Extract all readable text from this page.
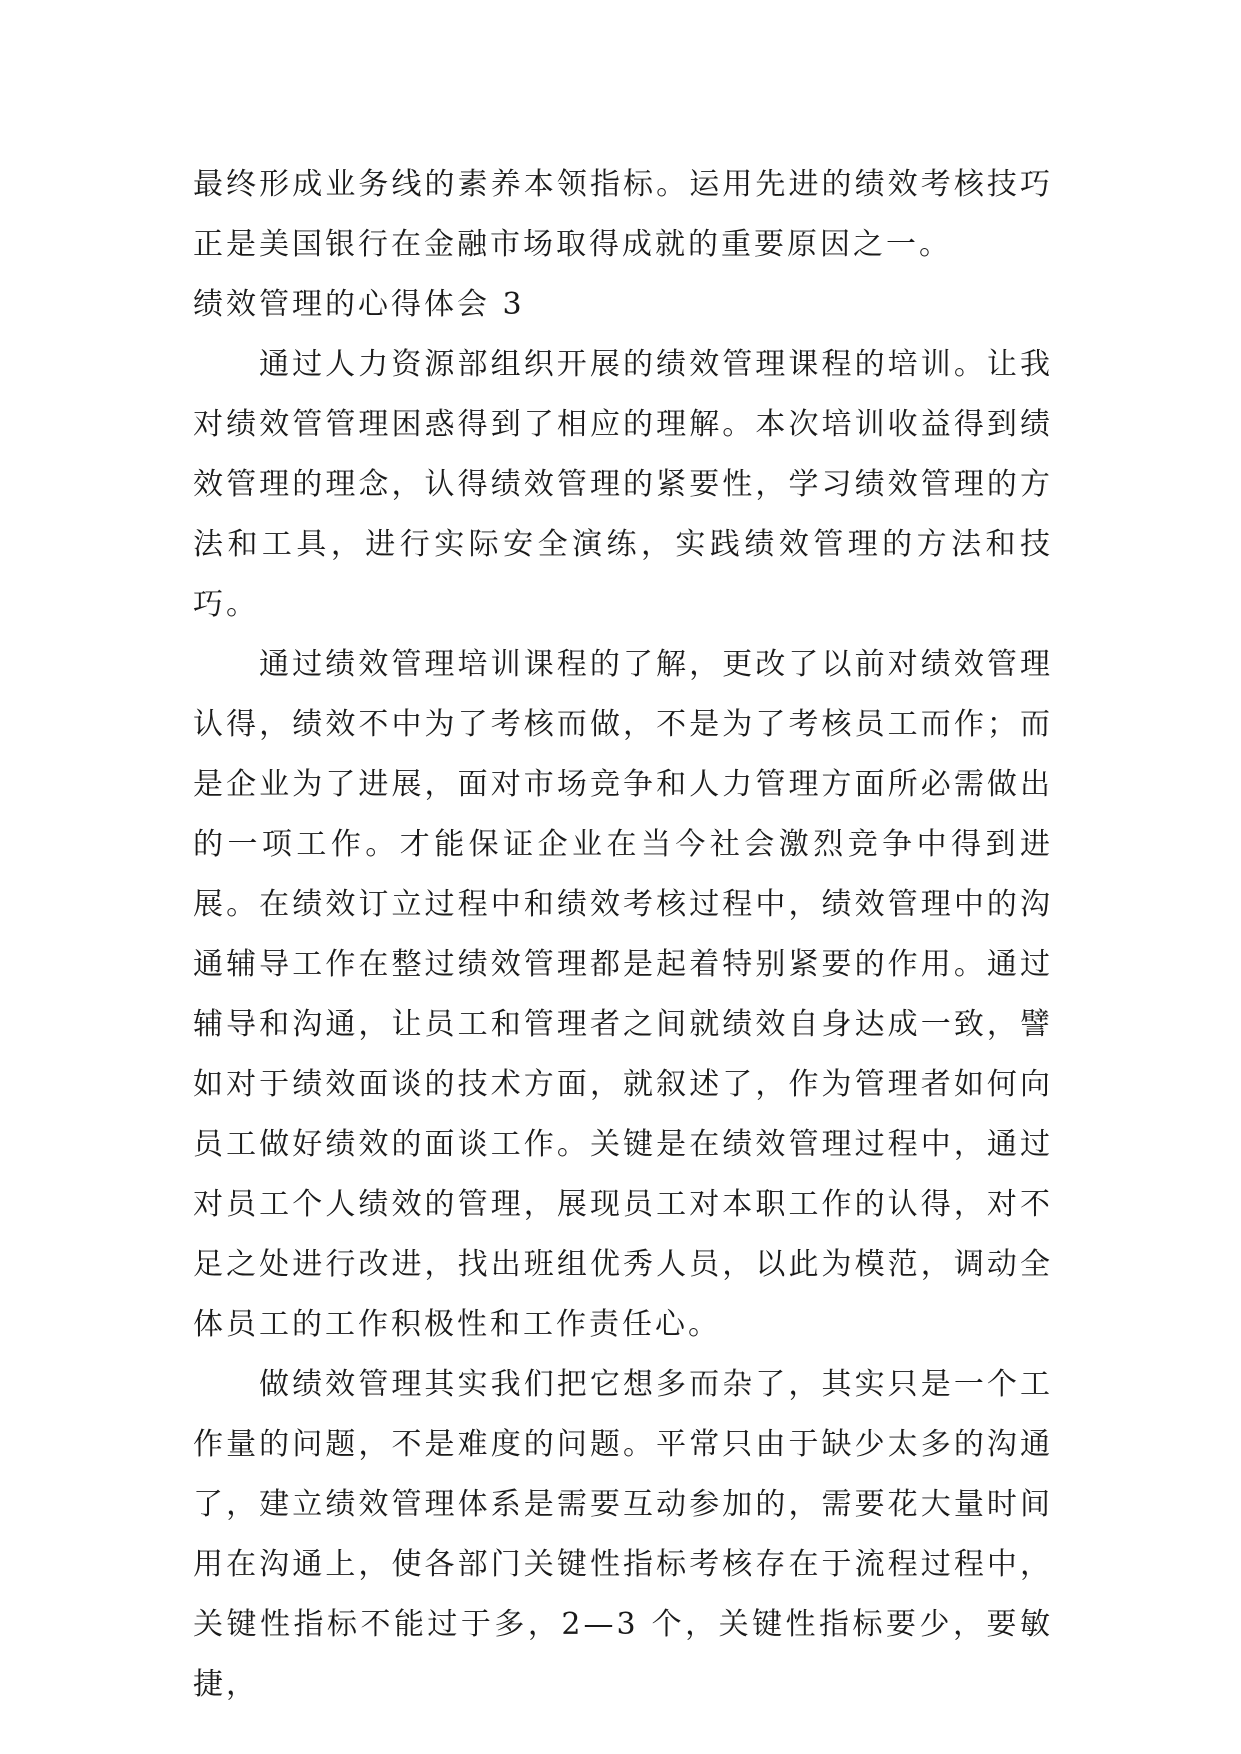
最终形成业务线的素养本领指标。运用先进的绩效考核技巧正是美国银行在金融市场取得成就的重要原因之一。

绩效管理的心得体会 3

通过人力资源部组织开展的绩效管理课程的培训。让我对绩效管管理困惑得到了相应的理解。本次培训收益得到绩效管理的理念，认得绩效管理的紧要性，学习绩效管理的方法和工具，进行实际安全演练，实践绩效管理的方法和技巧。

通过绩效管理培训课程的了解，更改了以前对绩效管理认得，绩效不中为了考核而做，不是为了考核员工而作；而是企业为了进展，面对市场竞争和人力管理方面所必需做出的一项工作。才能保证企业在当今社会激烈竞争中得到进展。在绩效订立过程中和绩效考核过程中，绩效管理中的沟通辅导工作在整过绩效管理都是起着特别紧要的作用。通过辅导和沟通，让员工和管理者之间就绩效自身达成一致，譬如对于绩效面谈的技术方面，就叙述了，作为管理者如何向员工做好绩效的面谈工作。关键是在绩效管理过程中，通过对员工个人绩效的管理，展现员工对本职工作的认得，对不足之处进行改进，找出班组优秀人员，以此为模范，调动全体员工的工作积极性和工作责任心。

做绩效管理其实我们把它想多而杂了，其实只是一个工作量的问题，不是难度的问题。平常只由于缺少太多的沟通了，建立绩效管理体系是需要互动参加的，需要花大量时间用在沟通上，使各部门关键性指标考核存在于流程过程中，关键性指标不能过于多，2—3 个，关键性指标要少，要敏捷，
